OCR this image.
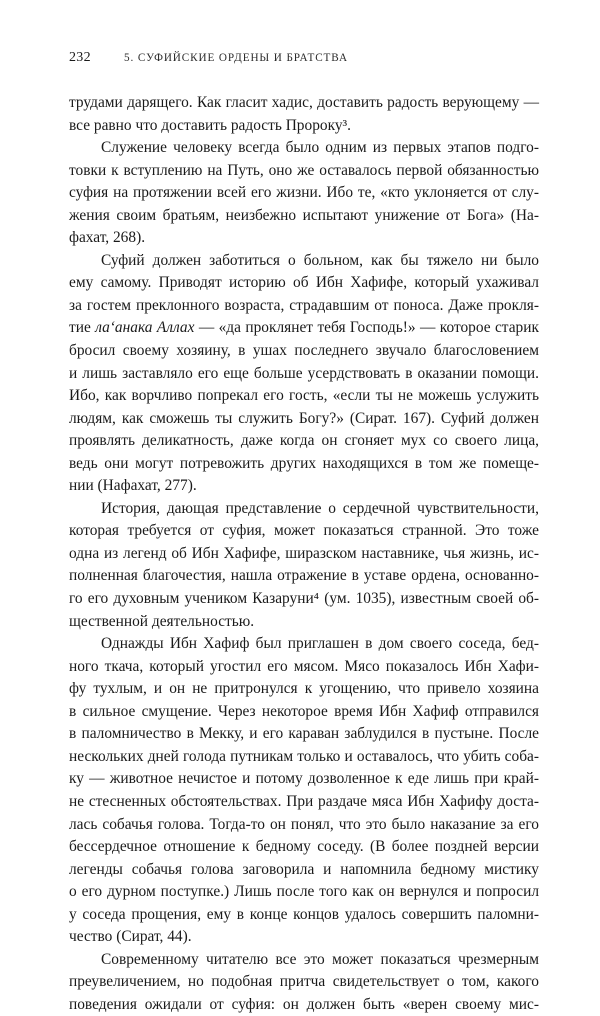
232	5. СУФИЙСКИЕ ОРДЕНЫ И БРАТСТВА
трудами дарящего. Как гласит хадис, доставить радость верующему —
все равно что доставить радость Пророку³.
Служение человеку всегда было одним из первых этапов подго-
товки к вступлению на Путь, оно же оставалось первой обязанностью
суфия на протяжении всей его жизни. Ибо те, «кто уклоняется от слу-
жения своим братьям, неизбежно испытают унижение от Бога» (На-
фахат, 268).
Суфий должен заботиться о больном, как бы тяжело ни было
ему самому. Приводят историю об Ибн Хафифе, который ухаживал
за гостем преклонного возраста, страдавшим от поноса. Даже прокля-
тие ла‘анака Аллах — «да проклянет тебя Господь!» — которое старик
бросил своему хозяину, в ушах последнего звучало благословением
и лишь заставляло его еще больше усердствовать в оказании помощи.
Ибо, как ворчливо попрекал его гость, «если ты не можешь услужить
людям, как сможешь ты служить Богу?» (Сират. 167). Суфий должен
проявлять деликатность, даже когда он сгоняет мух со своего лица,
ведь они могут потревожить других находящихся в том же помеще-
нии (Нафахат, 277).
История, дающая представление о сердечной чувствительности,
которая требуется от суфия, может показаться странной. Это тоже
одна из легенд об Ибн Хафифе, ширазском наставнике, чья жизнь, ис-
полненная благочестия, нашла отражение в уставе ордена, основанно-
го его духовным учеником Казаруни⁴ (ум. 1035), известным своей об-
щественной деятельностью.
Однажды Ибн Хафиф был приглашен в дом своего соседа, бед-
ного ткача, который угостил его мясом. Мясо показалось Ибн Хафи-
фу тухлым, и он не притронулся к угощению, что привело хозяина
в сильное смущение. Через некоторое время Ибн Хафиф отправился
в паломничество в Мекку, и его караван заблудился в пустыне. После
нескольких дней голода путникам только и оставалось, что убить соба-
ку — животное нечистое и потому дозволенное к еде лишь при край-
не стесненных обстоятельствах. При раздаче мяса Ибн Хафифу доста-
лась собачья голова. Тогда-то он понял, что это было наказание за его
бессердечное отношение к бедному соседу. (В более поздней версии
легенды собачья голова заговорила и напомнила бедному мистику
о его дурном поступке.) Лишь после того как он вернулся и попросил
у соседа прощения, ему в конце концов удалось совершить паломни-
чество (Сират, 44).
Современному читателю все это может показаться чрезмерным
преувеличением, но подобная притча свидетельствует о том, какого
поведения ожидали от суфия: он должен быть «верен своему мис-
